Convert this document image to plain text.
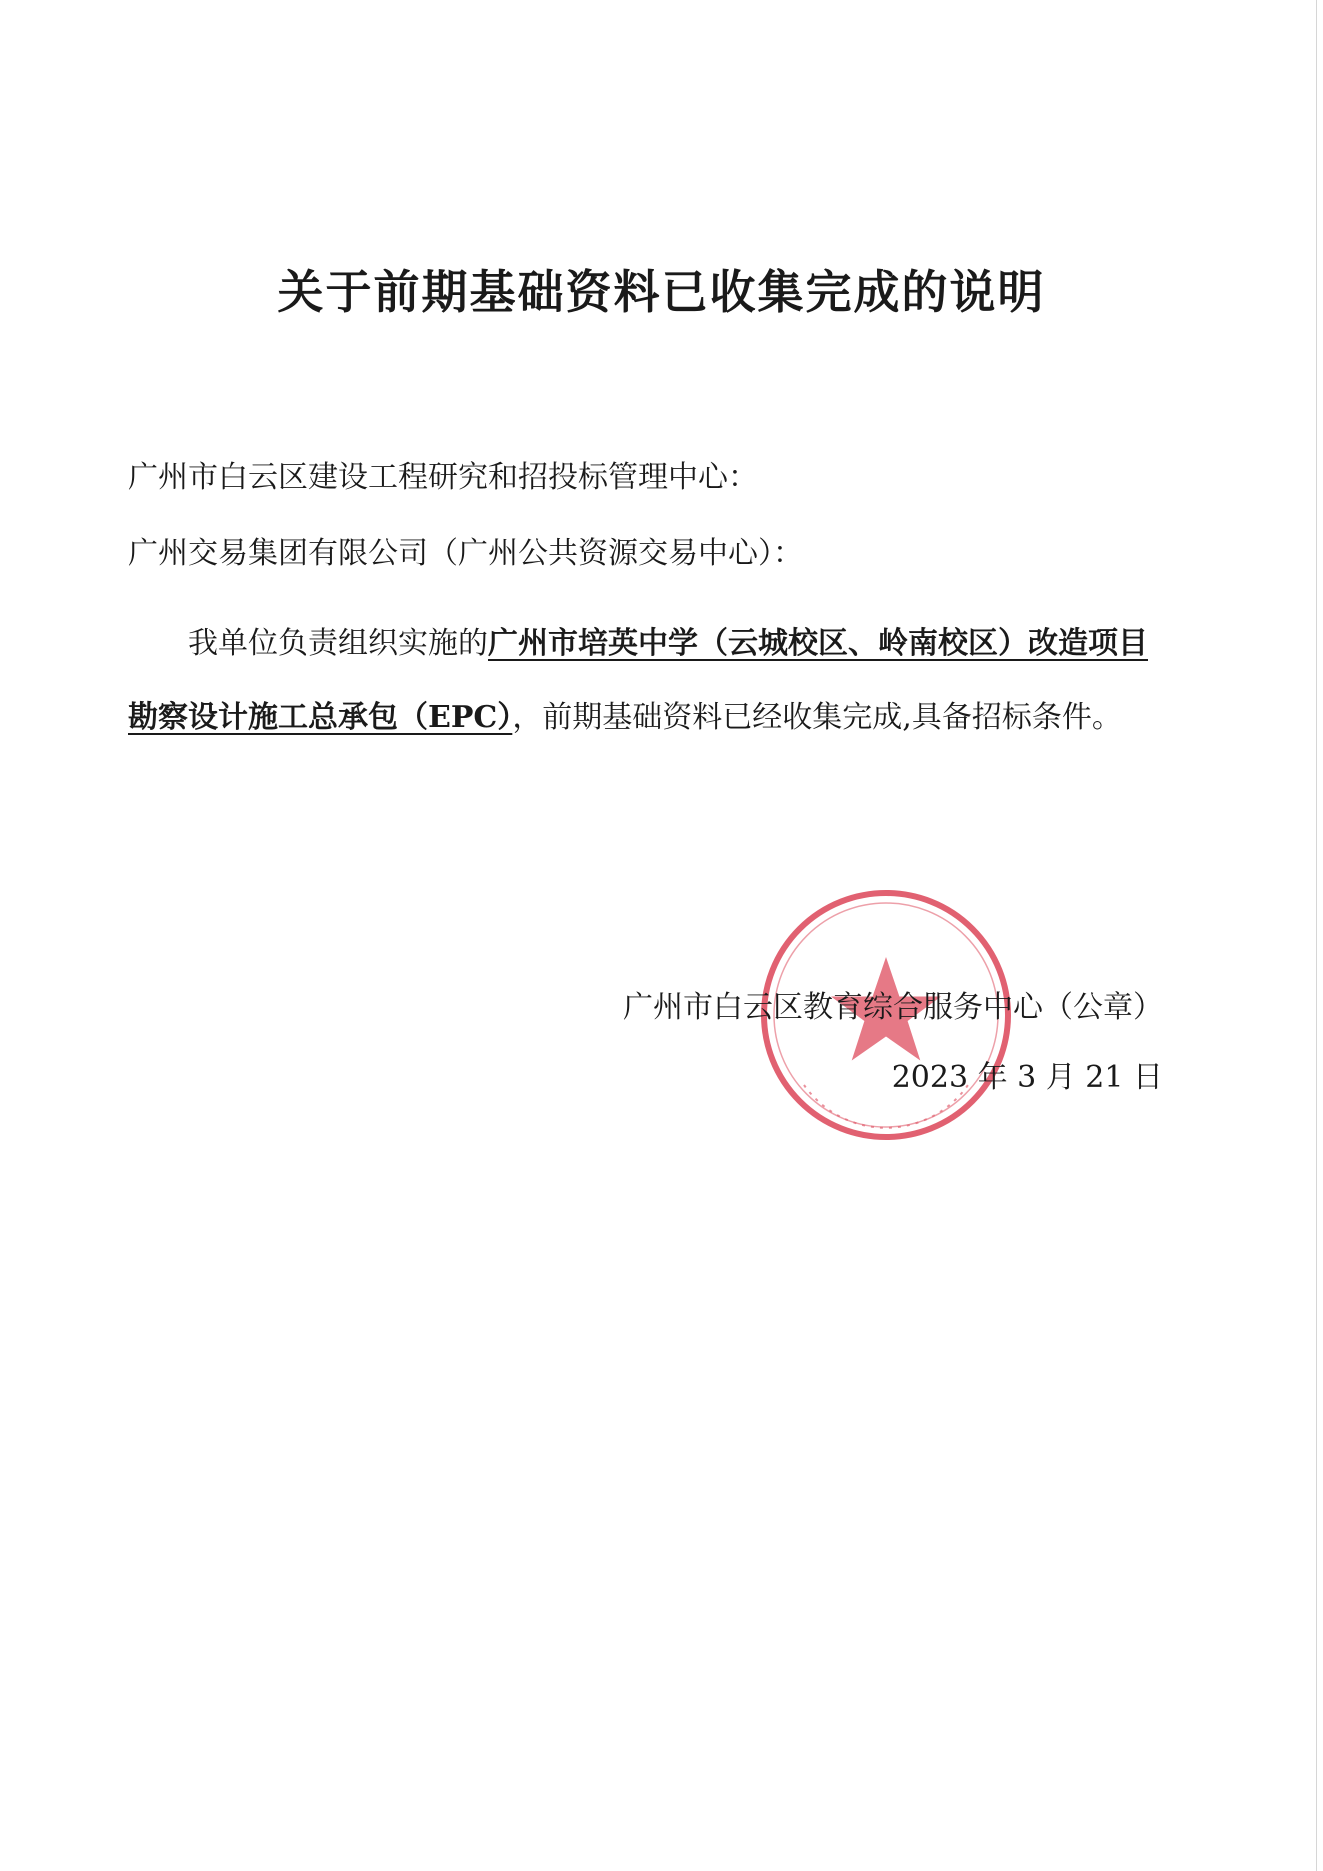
关于前期基础资料已收集完成的说明

广州市白云区建设工程研究和招投标管理中心：

广州交易集团有限公司（广州公共资源交易中心）：

我单位负责组织实施的广州市培英中学（云城校区、岭南校区）改造项目

勘察设计施工总承包（EPC），前期基础资料已经收集完成,具备招标条件。

广州市白云区教育综合服务中心（公章）

2023 年 3 月 21 日
